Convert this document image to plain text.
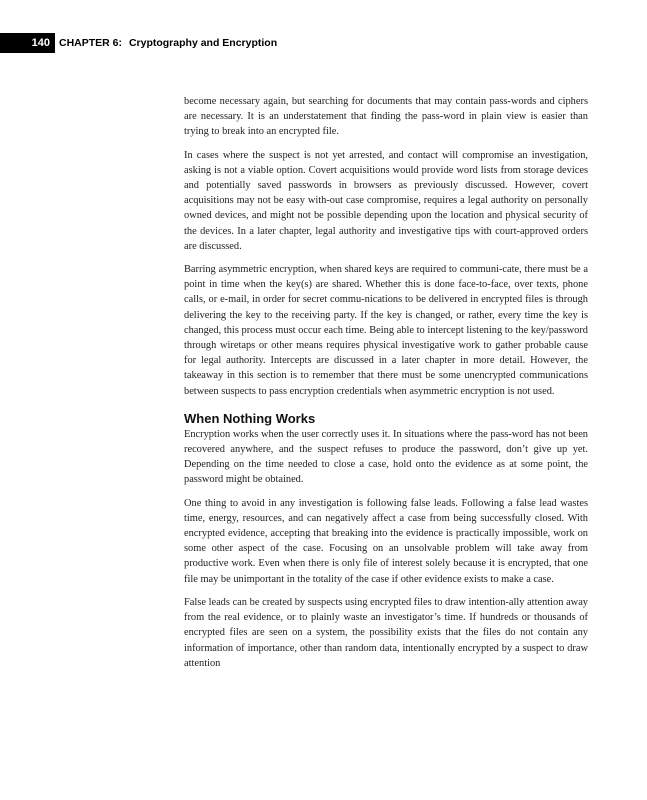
140 CHAPTER 6: Cryptography and Encryption

become necessary again, but searching for documents that may contain pass-words and ciphers are necessary. It is an understatement that finding the pass-word in plain view is easier than trying to break into an encrypted file.

In cases where the suspect is not yet arrested, and contact will compromise an investigation, asking is not a viable option. Covert acquisitions would provide word lists from storage devices and potentially saved passwords in browsers as previously discussed. However, covert acquisitions may not be easy with-out case compromise, requires a legal authority on personally owned devices, and might not be possible depending upon the location and physical security of the devices. In a later chapter, legal authority and investigative tips with court-approved orders are discussed.

Barring asymmetric encryption, when shared keys are required to communi-cate, there must be a point in time when the key(s) are shared. Whether this is done face-to-face, over texts, phone calls, or e-mail, in order for secret commu-nications to be delivered in encrypted files is through delivering the key to the receiving party. If the key is changed, or rather, every time the key is changed, this process must occur each time. Being able to intercept listening to the key/password through wiretaps or other means requires physical investigative work to gather probable cause for legal authority. Intercepts are discussed in a later chapter in more detail. However, the takeaway in this section is to remember that there must be some unencrypted communications between suspects to pass encryption credentials when asymmetric encryption is not used.

When Nothing Works

Encryption works when the user correctly uses it. In situations where the pass-word has not been recovered anywhere, and the suspect refuses to produce the password, don’t give up yet. Depending on the time needed to close a case, hold onto the evidence as at some point, the password might be obtained.

One thing to avoid in any investigation is following false leads. Following a false lead wastes time, energy, resources, and can negatively affect a case from being successfully closed. With encrypted evidence, accepting that breaking into the evidence is practically impossible, work on some other aspect of the case. Focusing on an unsolvable problem will take away from productive work. Even when there is only file of interest solely because it is encrypted, that one file may be unimportant in the totality of the case if other evidence exists to make a case.

False leads can be created by suspects using encrypted files to draw intention-ally attention away from the real evidence, or to plainly waste an investigator’s time. If hundreds or thousands of encrypted files are seen on a system, the possibility exists that the files do not contain any information of importance, other than random data, intentionally encrypted by a suspect to draw attention
